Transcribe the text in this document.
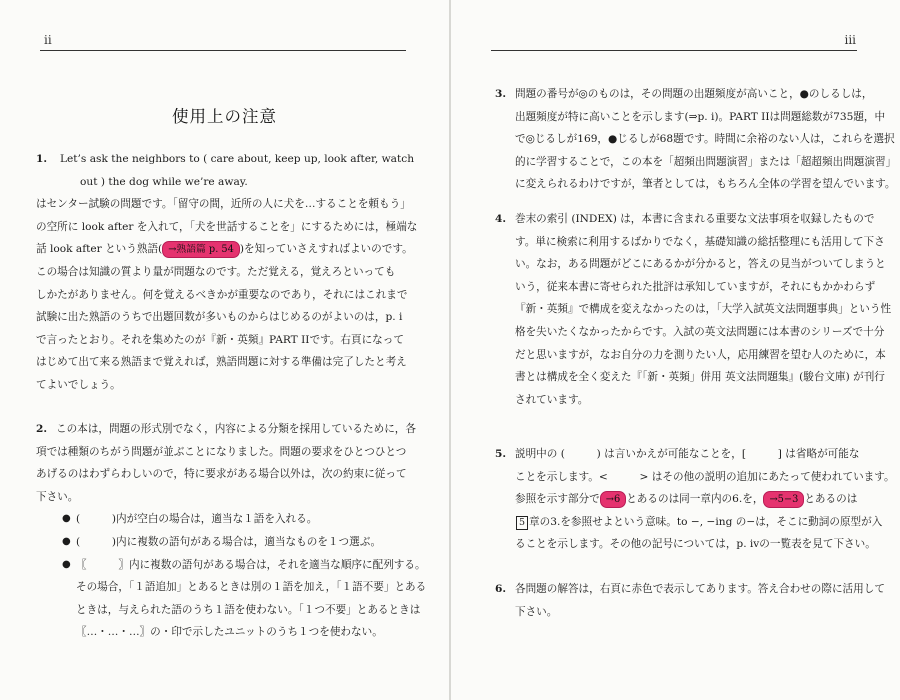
ii
使用上の注意
1.	Let’s ask the neighbors to ( care about, keep up, look after, watch
out ) the dog while we’re away.
はセンター試験の問題です。「留守の間，近所の人に犬を…することを頼もう」
の空所に look after を入れて，「犬を世話することを」にするためには，極端な
話 look after という熟語( →熟語篇 p. 54 )を知っていさえすればよいのです。
この場合は知識の質より量が問題なのです。ただ覚える，覚えろといっても
しかたがありません。何を覚えるべきかが重要なのであり，それにはこれまで
試験に出た熟語のうちで出題回数が多いものからはじめるのがよいのは，p. i
で言ったとおり。それを集めたのが『新・英頻』PART IIです。右頁になって
はじめて出て来る熟語まで覚えれば，熟語問題に対する準備は完了したと考え
てよいでしょう。
2. この本は，問題の形式別でなく，内容による分類を採用しているために，各
項では種類のちがう問題が並ぶことになりました。問題の要求をひとつひとつ
あげるのはわずらわしいので，特に要求がある場合以外は，次の約束に従って
下さい。
● (　　　)内が空白の場合は，適当な１語を入れる。
● (　　　)内に複数の語句がある場合は，適当なものを１つ選ぶ。
● 〖　　　〗内に複数の語句がある場合は，それを適当な順序に配列する。
その場合，「１語追加」とあるときは別の１語を加え，「１語不要」とある
ときは，与えられた語のうち１語を使わない。「１つ不要」とあるときは
〖…・…・…〗の・印で示したユニットのうち１つを使わない。
iii
3. 問題の番号が◎のものは，その問題の出題頻度が高いこと，●のしるしは，
出題頻度が特に高いことを示します(⇒p. i)。PART IIは問題総数が735題，中
で◎じるしが169，●じるしが68題です。時間に余裕のない人は，これらを選択
的に学習することで，この本を「超頻出問題演習」または「超超頻出問題演習」
に変えられるわけですが，筆者としては，もちろん全体の学習を望んでいます。
4. 巻末の索引 (INDEX) は，本書に含まれる重要な文法事項を収録したもので
す。単に検索に利用するばかりでなく，基礎知識の総括整理にも活用して下さ
い。なお，ある問題がどこにあるかが分かると，答えの見当がついてしまうと
いう，従来本書に寄せられた批評は承知していますが，それにもかかわらず
『新・英頻』で構成を変えなかったのは，「大学入試英文法問題事典」という性
格を失いたくなかったからです。入試の英文法問題には本書のシリーズで十分
だと思いますが，なお自分の力を測りたい人，応用練習を望む人のために，本
書とは構成を全く変えた『「新・英頻」併用 英文法問題集』(駿台文庫) が刊行
されています。
5. 説明中の (　　　) は言いかえが可能なことを，[　　　] は省略が可能な
ことを示します。<　　　> はその他の説明の追加にあたって使われています。
参照を示す部分で →6 とあるのは同一章内の6.を， →5−3 とあるのは
5 章の3.を参照せよという意味。to −, −ing の−は，そこに動詞の原型が入
ることを示します。その他の記号については，p. ivの一覧表を見て下さい。
6. 各問題の解答は，右頁に赤色で表示してあります。答え合わせの際に活用して
下さい。
